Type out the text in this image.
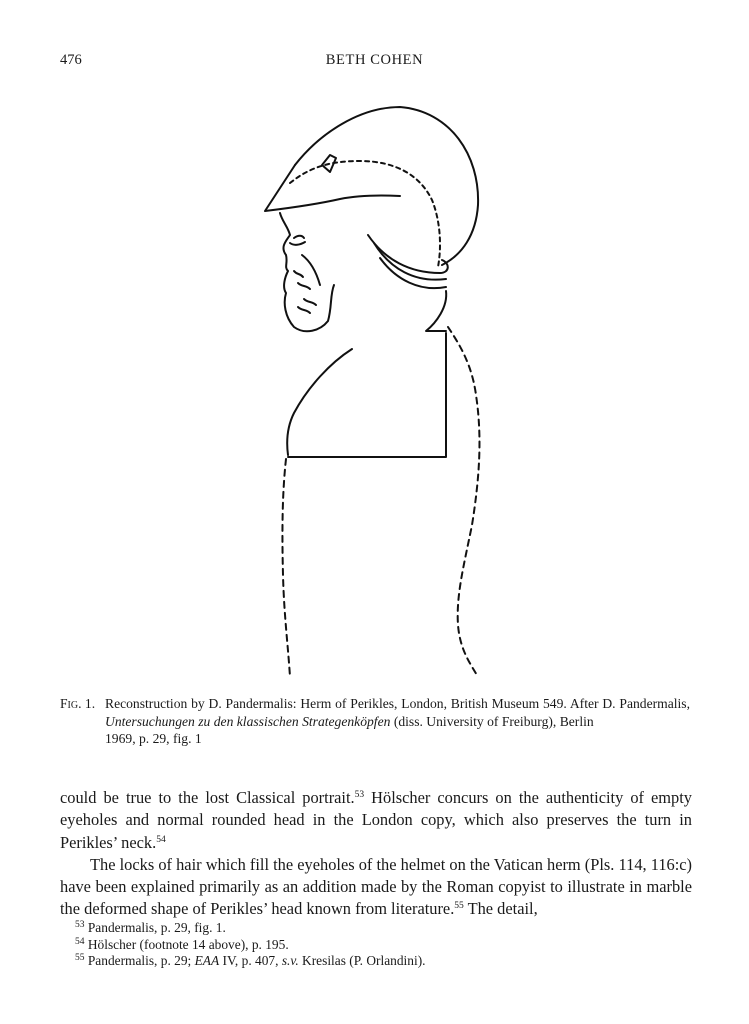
476	BETH COHEN
Fig. 1. Reconstruction by D. Pandermalis: Herm of Perikles, London, British Museum 549. After D. Pandermalis, Untersuchungen zu den klassischen Strategenköpfen (diss. University of Freiburg), Berlin
1969, p. 29, fig. 1

could be true to the lost Classical portrait.$^{53}$ Hölscher concurs on the authenticity of empty eyeholes and normal rounded head in the London copy, which also preserves the turn in Perikles’ neck.$^{54}$

The locks of hair which fill the eyeholes of the helmet on the Vatican herm (Pls. 114, 116:c) have been explained primarily as an addition made by the Roman copyist to illustrate in marble the deformed shape of Perikles’ head known from literature.$^{55}$ The detail,

$^{53}$ Pandermalis, p. 29, fig. 1.
$^{54}$ Hölscher (footnote 14 above), p. 195.
$^{55}$ Pandermalis, p. 29; EAA IV, p. 407, s.v. Kresilas (P. Orlandini).
